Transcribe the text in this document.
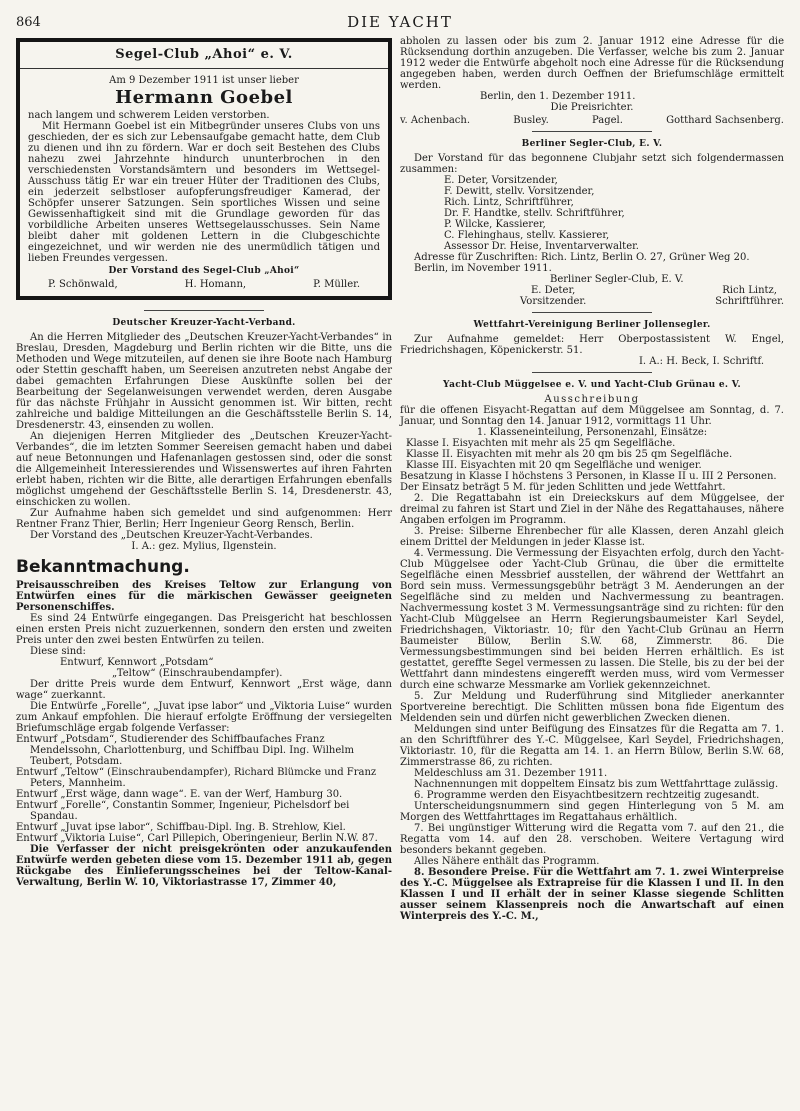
864	DIE YACHT
Segel-Club „Ahoi“ e. V.

Am 9 Dezember 1911 ist unser lieber

Hermann Goebel

nach langem und schwerem Leiden verstorben.

Mit Hermann Goebel ist ein Mitbegründer unseres Clubs von uns geschieden, der es sich zur Lebensaufgabe gemacht hatte, dem Club zu dienen und ihn zu fördern. War er doch seit Bestehen des Clubs nahezu zwei Jahrzehnte hindurch ununterbrochen in den verschiedensten Vorstandsämtern und besonders im Wettsegel-Ausschuss tätig Er war ein treuer Hüter der Traditionen des Clubs, ein jederzeit selbstloser aufopferungsfreudiger Kamerad, der Schöpfer unserer Satzungen. Sein sportliches Wissen und seine Gewissenhaftigkeit sind mit die Grundlage geworden für das vorbildliche Arbeiten unseres Wettsegelausschusses. Sein Name bleibt daher mit goldenen Lettern in die Clubgeschichte eingezeichnet, und wir werden nie des unermüdlich tätigen und lieben Freundes vergessen.

Der Vorstand des Segel-Club „Ahoi“
P. Schönwald,	H. Homann,	P. Müller.
Deutscher Kreuzer-Yacht-Verband.

An die Herren Mitglieder des „Deutschen Kreuzer-Yacht-Verbandes“ in Breslau, Dresden, Magdeburg und Berlin richten wir die Bitte, uns die Methoden und Wege mitzuteilen, auf denen sie ihre Boote nach Hamburg oder Stettin geschafft haben, um Seereisen anzutreten nebst Angabe der dabei gemachten Erfahrungen Diese Auskünfte sollen bei der Bearbeitung der Segelanweisungen verwendet werden, deren Ausgabe für das nächste Frühjahr in Aussicht genommen ist. Wir bitten, recht zahlreiche und baldige Mitteilungen an die Geschäftsstelle Berlin S. 14, Dresdenerstr. 43, einsenden zu wollen.

An diejenigen Herren Mitglieder des „Deutschen Kreuzer-Yacht-Verbandes“, die im letzten Sommer Seereisen gemacht haben und dabei auf neue Betonnungen und Hafenanlagen gestossen sind, oder die sonst die Allgemeinheit Interessierendes und Wissenswertes auf ihren Fahrten erlebt haben, richten wir die Bitte, alle derartigen Erfahrungen ebenfalls möglichst umgehend der Geschäftsstelle Berlin S. 14, Dresdenerstr. 43, einschicken zu wollen.

Zur Aufnahme haben sich gemeldet und sind aufgenommen: Herr Rentner Franz Thier, Berlin; Herr Ingenieur Georg Rensch, Berlin.

Der Vorstand des „Deutschen Kreuzer-Yacht-Verbandes.

I. A.: gez. Mylius, Ilgenstein.

Bekanntmachung.

Preisausschreiben des Kreises Teltow zur Erlangung von Entwürfen eines für die märkischen Gewässer geeigneten Personenschiffes.

Es sind 24 Entwürfe eingegangen. Das Preisgericht hat beschlossen einen ersten Preis nicht zuzuerkennen, sondern den ersten und zweiten Preis unter den zwei besten Entwürfen zu teilen.

Diese sind:

Entwurf, Kennwort „Potsdam“

„Teltow“ (Einschraubendampfer).

Der dritte Preis wurde dem Entwurf, Kennwort „Erst wäge, dann wage“ zuerkannt.

Die Entwürfe „Forelle“, „Juvat ipse labor“ und „Viktoria Luise“ wurden zum Ankauf empfohlen. Die hierauf erfolgte Eröffnung der versiegelten Briefumschläge ergab folgende Verfasser:

Entwurf „Potsdam“, Studierender des Schiffbaufaches Franz Mendelssohn, Charlottenburg, und Schiffbau Dipl. Ing. Wilhelm Teubert, Potsdam.

Entwurf „Teltow“ (Einschraubendampfer), Richard Blümcke und Franz Peters, Mannheim.

Entwurf „Erst wäge, dann wage“. E. van der Werf, Hamburg 30.

Entwurf „Forelle“, Constantin Sommer, Ingenieur, Pichelsdorf bei Spandau.

Entwurf „Juvat ipse labor“, Schiffbau-Dipl. Ing. B. Strehlow, Kiel.

Entwurf „Viktoria Luise“, Carl Pillepich, Oberingenieur, Berlin N.W. 87.

Die Verfasser der nicht preisgekrönten oder anzukaufenden Entwürfe werden gebeten diese vom 15. Dezember 1911 ab, gegen Rückgabe des Einlieferungsscheines bei der Teltow-Kanal-Verwaltung, Berlin W. 10, Viktoriastrasse 17, Zimmer 40,

abholen zu lassen oder bis zum 2. Januar 1912 eine Adresse für die Rücksendung dorthin anzugeben. Die Verfasser, welche bis zum 2. Januar 1912 weder die Entwürfe abgeholt noch eine Adresse für die Rücksendung angegeben haben, werden durch Oeffnen der Briefumschläge ermittelt werden.

Berlin, den 1. Dezember 1911.

Die Preisrichter.

v. Achenbach.	Busley.	Pagel.	Gotthard Sachsenberg.
Berliner Segler-Club, E. V.

Der Vorstand für das begonnene Clubjahr setzt sich folgendermassen zusammen:

E. Deter, Vorsitzender,

F. Dewitt, stellv. Vorsitzender,

Rich. Lintz, Schriftführer,

Dr. F. Handtke, stellv. Schriftführer,

P. Wilcke, Kassierer,

C. Flehinghaus, stellv. Kassierer,

Assessor Dr. Heise, Inventarverwalter.

Adresse für Zuschriften: Rich. Lintz, Berlin O. 27, Grüner Weg 20.

Berlin, im November 1911.

Berliner Segler-Club, E. V.

E. Deter,
Vorsitzender.
Rich Lintz,
Schriftführer.
Wettfahrt-Vereinigung Berliner Jollensegler.

Zur Aufnahme gemeldet: Herr Oberpostassistent W. Engel, Friedrichshagen, Köpenickerstr. 51.

I. A.: H. Beck, I. Schriftf.

Yacht-Club Müggelsee e. V. und Yacht-Club Grünau e. V.

Ausschreibung

für die offenen Eisyacht-Regattan auf dem Müggelsee am Sonntag, d. 7. Januar, und Sonntag den 14. Januar 1912, vormittags 11 Uhr.

1. Klasseneinteilung, Personenzahl, Einsätze:

Klasse I. Eisyachten mit mehr als 25 qm Segelfläche.

Klasse II. Eisyachten mit mehr als 20 qm bis 25 qm Segelfläche.

Klasse III. Eisyachten mit 20 qm Segelfläche und weniger.

Besatzung in Klasse I höchstens 3 Personen, in Klasse II u. III 2 Personen.

Der Einsatz beträgt 5 M. für jeden Schlitten und jede Wettfahrt.

2. Die Regattabahn ist ein Dreieckskurs auf dem Müggelsee, der dreimal zu fahren ist Start und Ziel in der Nähe des Regattahauses, nähere Angaben erfolgen im Programm.

3. Preise: Silberne Ehrenbecher für alle Klassen, deren Anzahl gleich einem Drittel der Meldungen in jeder Klasse ist.

4. Vermessung. Die Vermessung der Eisyachten erfolg, durch den Yacht-Club Müggelsee oder Yacht-Club Grünau, die über die ermittelte Segelfläche einen Messbrief ausstellen, der während der Wettfahrt an Bord sein muss. Vermessungsgebühr beträgt 3 M. Aenderungen an der Segelfläche sind zu melden und Nachvermessung zu beantragen. Nachvermessung kostet 3 M. Vermessungsanträge sind zu richten: für den Yacht-Club Müggelsee an Herrn Regierungsbaumeister Karl Seydel, Friedrichshagen, Viktoriastr. 10; für den Yacht-Club Grünau an Herrn Baumeister Bülow, Berlin S.W. 68, Zimmerstr. 86. Die Vermessungsbestimmungen sind bei beiden Herren erhältlich. Es ist gestattet, gereffte Segel vermessen zu lassen. Die Stelle, bis zu der bei der Wettfahrt dann mindestens eingerefft werden muss, wird vom Vermesser durch eine schwarze Messmarke am Vorliek gekennzeichnet.

5. Zur Meldung und Ruderführung sind Mitglieder anerkannter Sportvereine berechtigt. Die Schlitten müssen bona fide Eigentum des Meldenden sein und dürfen nicht gewerblichen Zwecken dienen.

Meldungen sind unter Beifügung des Einsatzes für die Regatta am 7. 1. an den Schriftführer des Y.-C. Müggelsee, Karl Seydel, Friedrichshagen, Viktoriastr. 10, für die Regatta am 14. 1. an Herrn Bülow, Berlin S.W. 68, Zimmerstrasse 86, zu richten.

Meldeschluss am 31. Dezember 1911.

Nachnennungen mit doppeltem Einsatz bis zum Wettfahrttage zulässig.

6. Programme werden den Eisyachtbesitzern rechtzeitig zugesandt.

Unterscheidungsnummern sind gegen Hinterlegung von 5 M. am Morgen des Wettfahrttages im Regattahaus erhältlich.

7. Bei ungünstiger Witterung wird die Regatta vom 7. auf den 21., die Regatta vom 14. auf den 28. verschoben. Weitere Vertagung wird besonders bekannt gegeben.

Alles Nähere enthält das Programm.

8. Besondere Preise. Für die Wettfahrt am 7. 1. zwei Winterpreise des Y.-C. Müggelsee als Extrapreise für die Klassen I und II. In den Klassen I und II erhält der in seiner Klasse siegende Schlitten ausser seinem Klassenpreis noch die Anwartschaft auf einen Winterpreis des Y.-C. M.,
